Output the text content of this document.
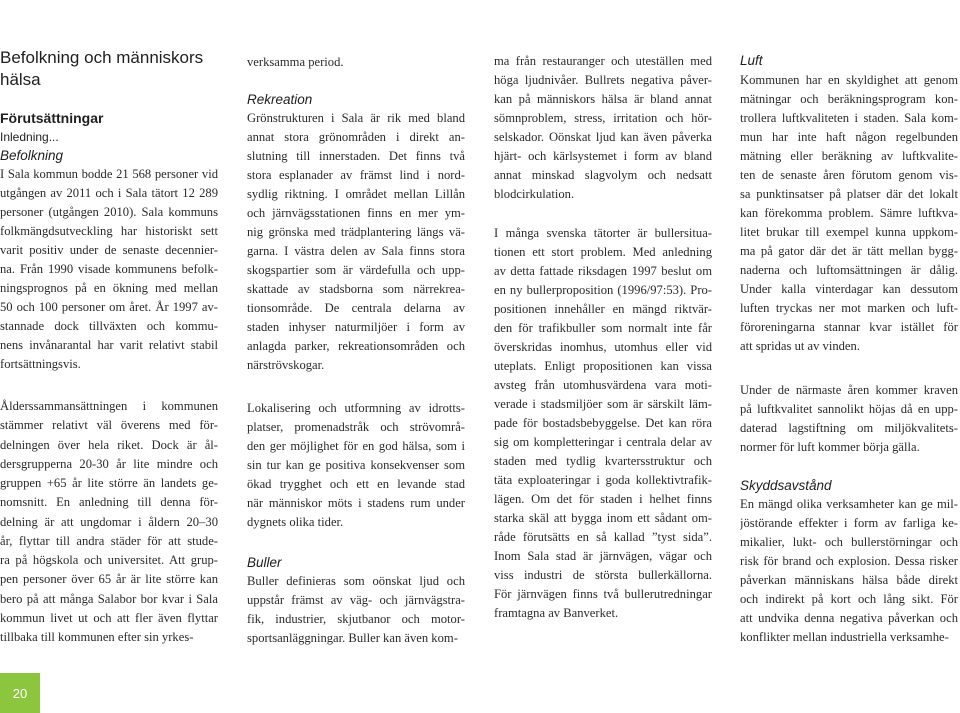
Befolkning och människors
hälsa
Förutsättningar
Inledning...
Befolkning
I Sala kommun bodde 21 568 personer vid
utgången av 2011 och i Sala tätort 12 289
personer (utgången 2010). Sala kommuns
folkmängdsutveckling har historiskt sett
varit positiv under de senaste decennier-
na. Från 1990 visade kommunens befolk-
ningsprognos på en ökning med mellan
50 och 100 personer om året. År 1997 av-
stannade dock tillväxten och kommu-
nens invånarantal har varit relativt stabil
fortsättningsvis.
Ålderssammansättningen i kommunen
stämmer relativt väl överens med för-
delningen över hela riket. Dock är ål-
dersgrupperna 20-30 år lite mindre och
gruppen +65 år lite större än landets ge-
nomsnitt. En anledning till denna för-
delning är att ungdomar i åldern 20–30
år, flyttar till andra städer för att stude-
ra på högskola och universitet. Att grup-
pen personer över 65 år är lite större kan
bero på att många Salabor bor kvar i Sala
kommun livet ut och att fler även flyttar
tillbaka till kommunen efter sin yrkes-
verksamma period.
Rekreation
Grönstrukturen i Sala är rik med bland
annat stora grönområden i direkt an-
slutning till innerstaden. Det finns två
stora esplanader av främst lind i nord-
sydlig riktning. I området mellan Lillån
och järnvägsstationen finns en mer ym-
nig grönska med trädplantering längs vä-
garna. I västra delen av Sala finns stora
skogspartier som är värdefulla och upp-
skattade av stadsborna som närrekrea-
tionsområde. De centrala delarna av
staden inhyser naturmiljöer i form av
anlagda parker, rekreationsområden och
närströvskogar.
Lokalisering och utformning av idrotts-
platser, promenadstråk och strövområ-
den ger möjlighet för en god hälsa, som i
sin tur kan ge positiva konsekvenser som
ökad trygghet och ett en levande stad
när människor möts i stadens rum under
dygnets olika tider.
Buller
Buller definieras som oönskat ljud och
uppstår främst av väg- och järnvägstra-
fik, industrier, skjutbanor och motor-
sportsanläggningar. Buller kan även kom-
ma från restauranger och uteställen med
höga ljudnivåer. Bullrets negativa påver-
kan på människors hälsa är bland annat
sömnproblem, stress, irritation och hör-
selskador. Oönskat ljud kan även påverka
hjärt- och kärlsystemet i form av bland
annat minskad slagvolym och nedsatt
blodcirkulation.
I många svenska tätorter är bullersitua-
tionen ett stort problem. Med anledning
av detta fattade riksdagen 1997 beslut om
en ny bullerproposition (1996/97:53). Pro-
positionen innehåller en mängd riktvär-
den för trafikbuller som normalt inte får
överskridas inomhus, utomhus eller vid
uteplats. Enligt propositionen kan vissa
avsteg från utomhusvärdena vara moti-
verade i stadsmiljöer som är särskilt läm-
pade för bostadsbebyggelse. Det kan röra
sig om kompletteringar i centrala delar av
staden med tydlig kvartersstruktur och
täta exploateringar i goda kollektivtrafik-
lägen. Om det för staden i helhet finns
starka skäl att bygga inom ett sådant om-
råde förutsätts en så kallad ”tyst sida”.
Inom Sala stad är järnvägen, vägar och
viss industri de största bullerkällorna.
För järnvägen finns två bullerutredningar
framtagna av Banverket.
Luft
Kommunen har en skyldighet att genom
mätningar och beräkningsprogram kon-
trollera luftkvaliteten i staden. Sala kom-
mun har inte haft någon regelbunden
mätning eller beräkning av luftkvalite-
ten de senaste åren förutom genom vis-
sa punktinsatser på platser där det lokalt
kan förekomma problem. Sämre luftkva-
litet brukar till exempel kunna uppkom-
ma på gator där det är tätt mellan bygg-
naderna och luftomsättningen är dålig.
Under kalla vinterdagar kan dessutom
luften tryckas ner mot marken och luft-
föroreningarna stannar kvar istället för
att spridas ut av vinden.
Under de närmaste åren kommer kraven
på luftkvalitet sannolikt höjas då en upp-
daterad lagstiftning om miljökvalitets-
normer för luft kommer börja gälla.
Skyddsavstånd
En mängd olika verksamheter kan ge mil-
jöstörande effekter i form av farliga ke-
mikalier, lukt- och bullerstörningar och
risk för brand och explosion. Dessa risker
påverkan människans hälsa både direkt
och indirekt på kort och lång sikt. För
att undvika denna negativa påverkan och
konflikter mellan industriella verksamhe-
20
